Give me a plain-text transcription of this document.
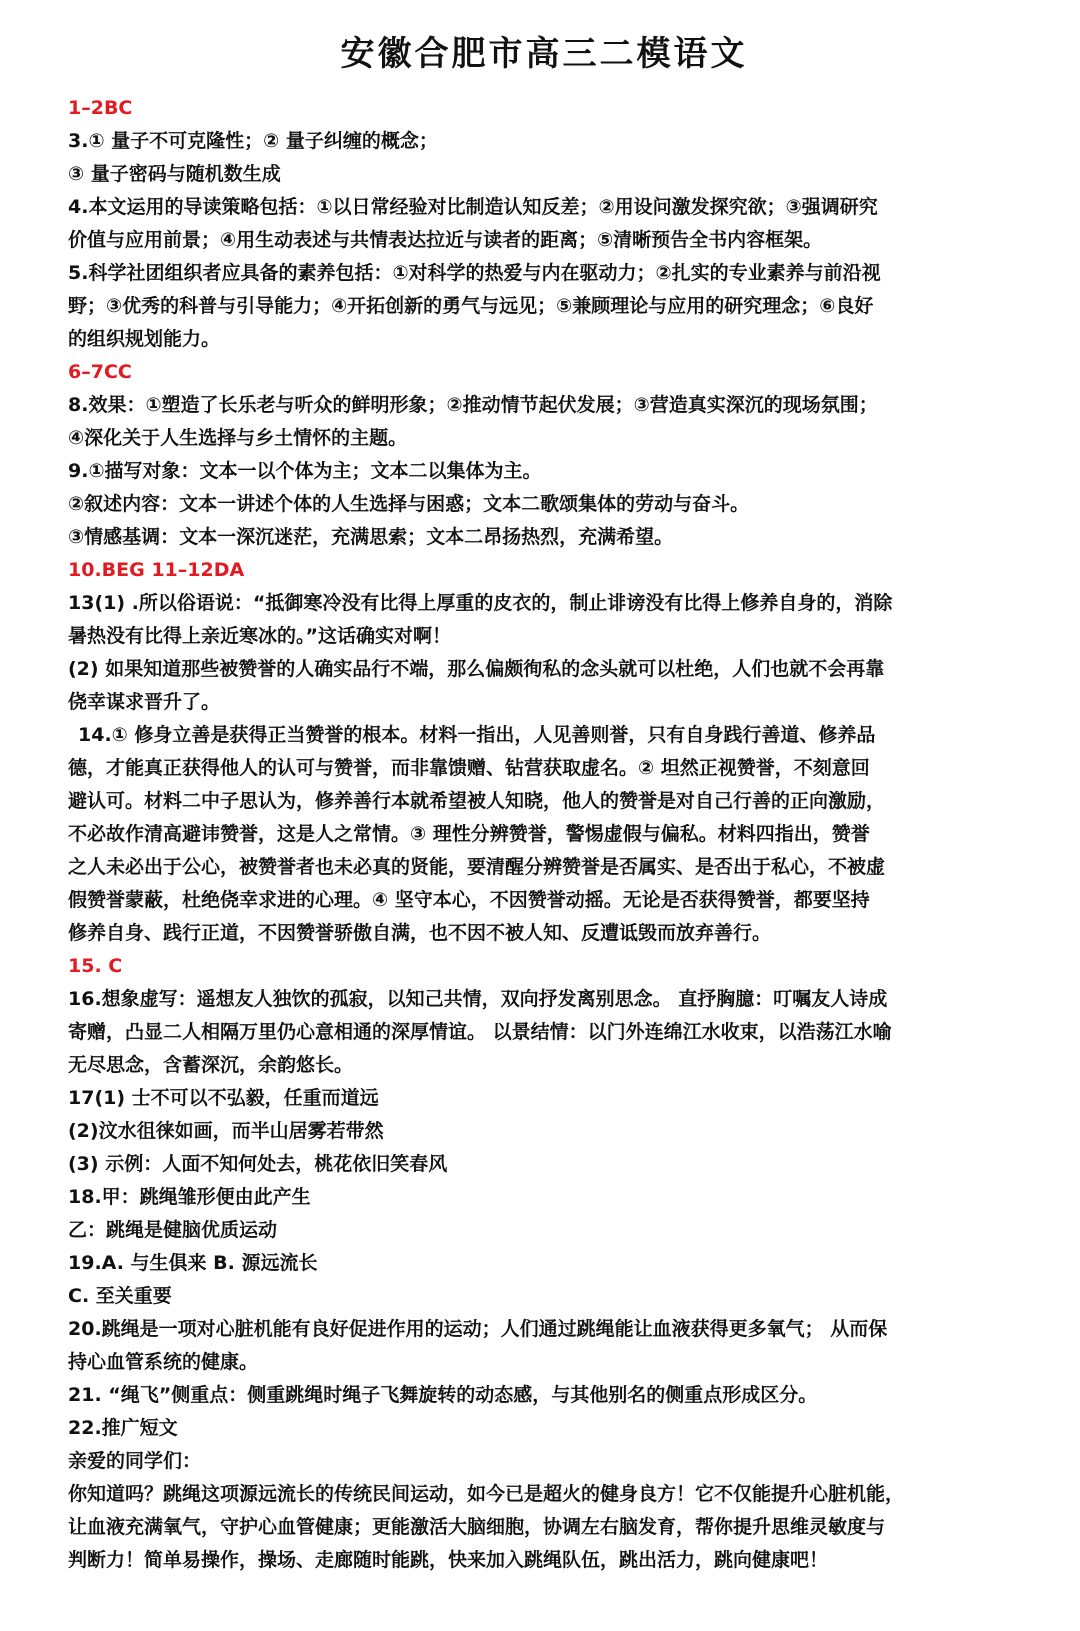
安徽合肥市高三二模语文

1–2BC

3.① 量子不可克隆性；② 量子纠缠的概念；

③ 量子密码与随机数生成

4.本文运用的导读策略包括：①以日常经验对比制造认知反差；②用设问激发探究欲；③强调研究

价值与应用前景；④用生动表述与共情表达拉近与读者的距离；⑤清晰预告全书内容框架。

5.科学社团组织者应具备的素养包括：①对科学的热爱与内在驱动力；②扎实的专业素养与前沿视

野；③优秀的科普与引导能力；④开拓创新的勇气与远见；⑤兼顾理论与应用的研究理念；⑥良好

的组织规划能力。

6–7CC

8.效果：①塑造了长乐老与听众的鲜明形象；②推动情节起伏发展；③营造真实深沉的现场氛围；

④深化关于人生选择与乡土情怀的主题。

9.①描写对象：文本一以个体为主；文本二以集体为主。

②叙述内容：文本一讲述个体的人生选择与困惑；文本二歌颂集体的劳动与奋斗。

③情感基调：文本一深沉迷茫，充满思索；文本二昂扬热烈，充满希望。

10.BEG 11–12DA

13(1) .所以俗语说：“抵御寒冷没有比得上厚重的皮衣的，制止诽谤没有比得上修养自身的，消除

暑热没有比得上亲近寒冰的。”这话确实对啊！

(2) 如果知道那些被赞誉的人确实品行不端，那么偏颇徇私的念头就可以杜绝，人们也就不会再靠

侥幸谋求晋升了。

14.① 修身立善是获得正当赞誉的根本。材料一指出，人见善则誉，只有自身践行善道、修养品

德，才能真正获得他人的认可与赞誉，而非靠馈赠、钻营获取虚名。② 坦然正视赞誉，不刻意回

避认可。材料二中子思认为，修养善行本就希望被人知晓，他人的赞誉是对自己行善的正向激励，

不必故作清高避讳赞誉，这是人之常情。③ 理性分辨赞誉，警惕虚假与偏私。材料四指出，赞誉

之人未必出于公心，被赞誉者也未必真的贤能，要清醒分辨赞誉是否属实、是否出于私心，不被虚

假赞誉蒙蔽，杜绝侥幸求进的心理。④ 坚守本心，不因赞誉动摇。无论是否获得赞誉，都要坚持

修养自身、践行正道，不因赞誉骄傲自满，也不因不被人知、反遭诋毁而放弃善行。

15. C

16.想象虚写：遥想友人独饮的孤寂，以知己共情，双向抒发离别思念。 直抒胸臆：叮嘱友人诗成

寄赠，凸显二人相隔万里仍心意相通的深厚情谊。 以景结情：以门外连绵江水收束，以浩荡江水喻

无尽思念，含蓄深沉，余韵悠长。

17(1) 士不可以不弘毅，任重而道远

(2)汶水徂徕如画，而半山居雾若带然

(3) 示例：人面不知何处去，桃花依旧笑春风

18.甲：跳绳雏形便由此产生

乙：跳绳是健脑优质运动

19.A. 与生俱来 B. 源远流长

C. 至关重要

20.跳绳是一项对心脏机能有良好促进作用的运动；人们通过跳绳能让血液获得更多氧气； 从而保

持心血管系统的健康。

21. “绳飞”侧重点：侧重跳绳时绳子飞舞旋转的动态感，与其他别名的侧重点形成区分。

22.推广短文

亲爱的同学们：

你知道吗？跳绳这项源远流长的传统民间运动，如今已是超火的健身良方！它不仅能提升心脏机能，

让血液充满氧气，守护心血管健康；更能激活大脑细胞，协调左右脑发育，帮你提升思维灵敏度与

判断力！简单易操作，操场、走廊随时能跳，快来加入跳绳队伍，跳出活力，跳向健康吧！
